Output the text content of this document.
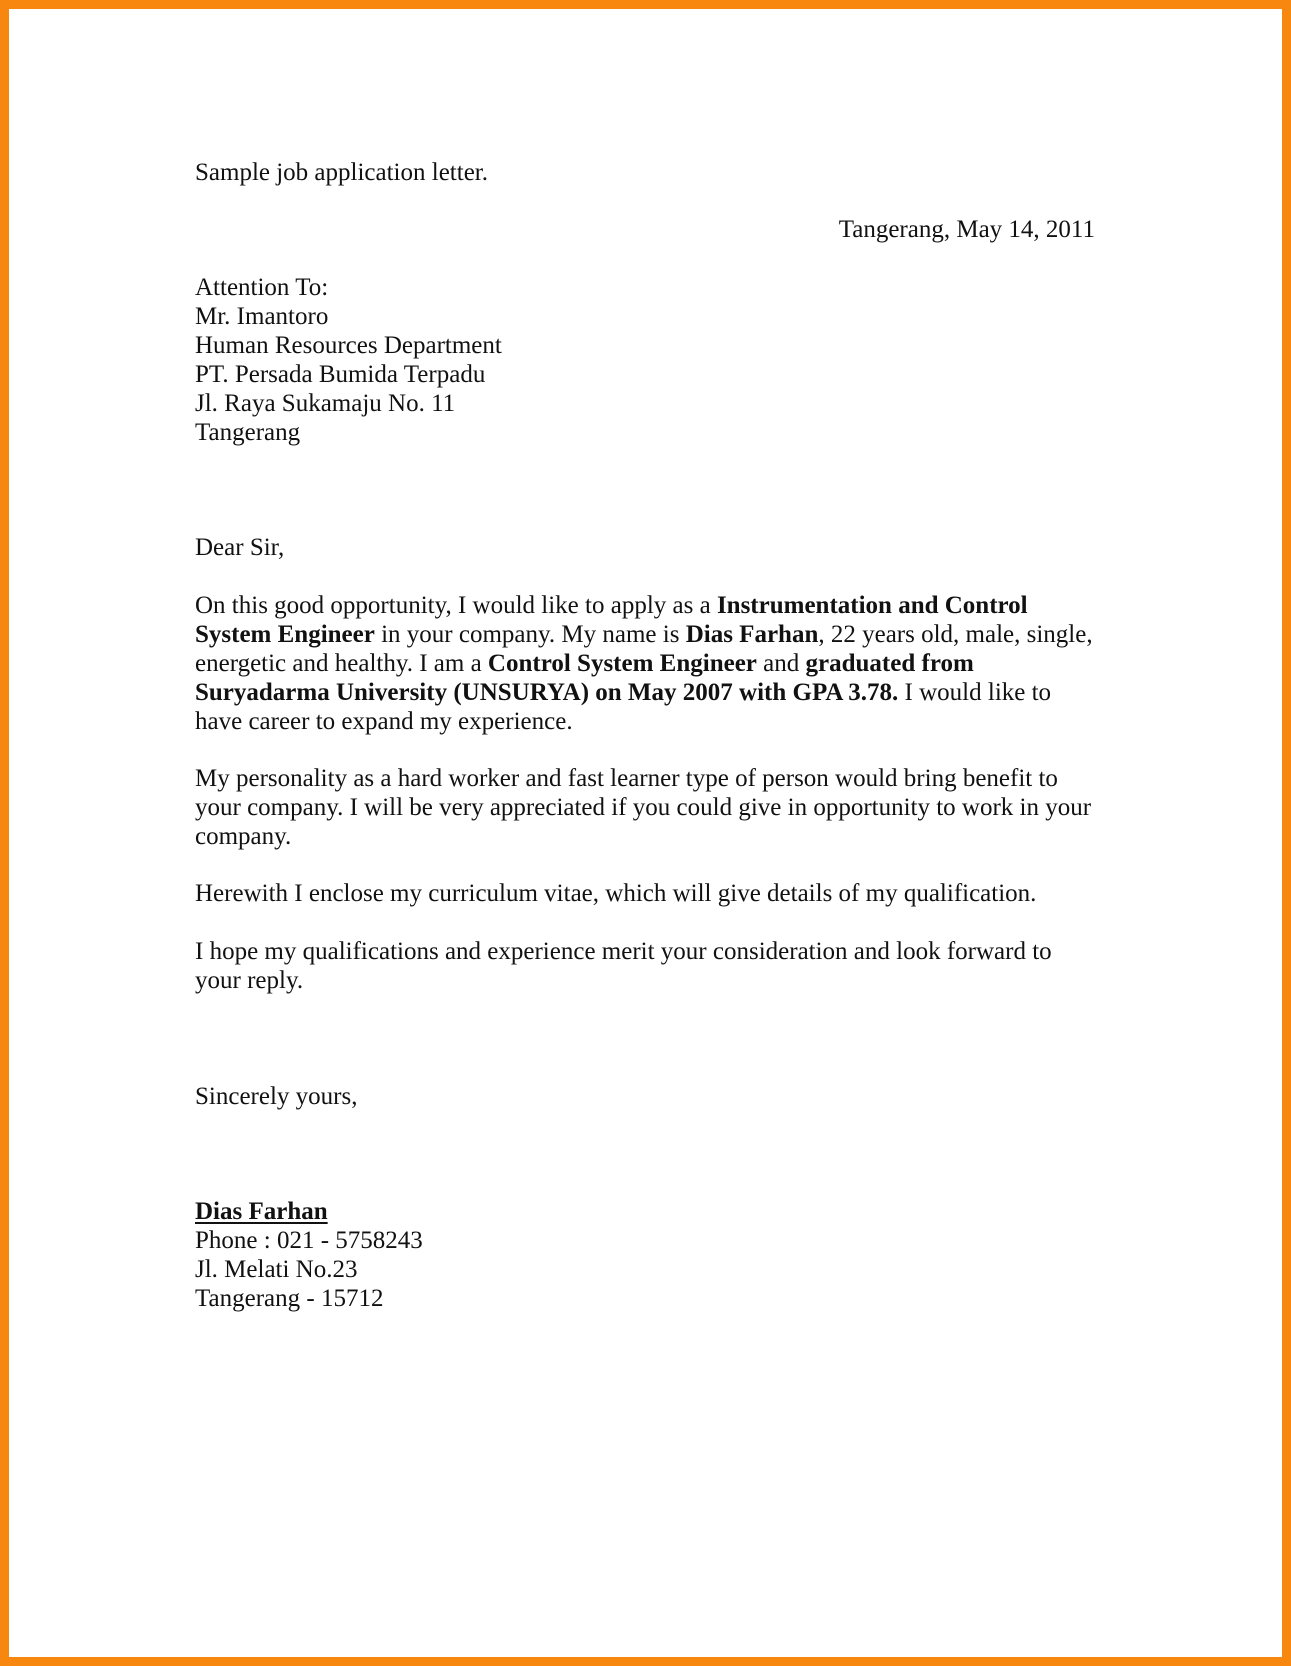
Sample job application letter.
Tangerang, May 14, 2011
Attention To:
Mr. Imantoro
Human Resources Department
PT. Persada Bumida Terpadu
Jl. Raya Sukamaju No. 11
Tangerang
Dear Sir,
On this good opportunity, I would like to apply as a Instrumentation and Control
System Engineer in your company. My name is Dias Farhan, 22 years old, male, single,
energetic and healthy. I am a Control System Engineer and graduated from
Suryadarma University (UNSURYA) on May 2007 with GPA 3.78. I would like to
have career to expand my experience.
My personality as a hard worker and fast learner type of person would bring benefit to
your company. I will be very appreciated if you could give in opportunity to work in your
company.
Herewith I enclose my curriculum vitae, which will give details of my qualification.
I hope my qualifications and experience merit your consideration and look forward to
your reply.
Sincerely yours,
Dias Farhan
Phone : 021 - 5758243
Jl. Melati No.23
Tangerang - 15712
